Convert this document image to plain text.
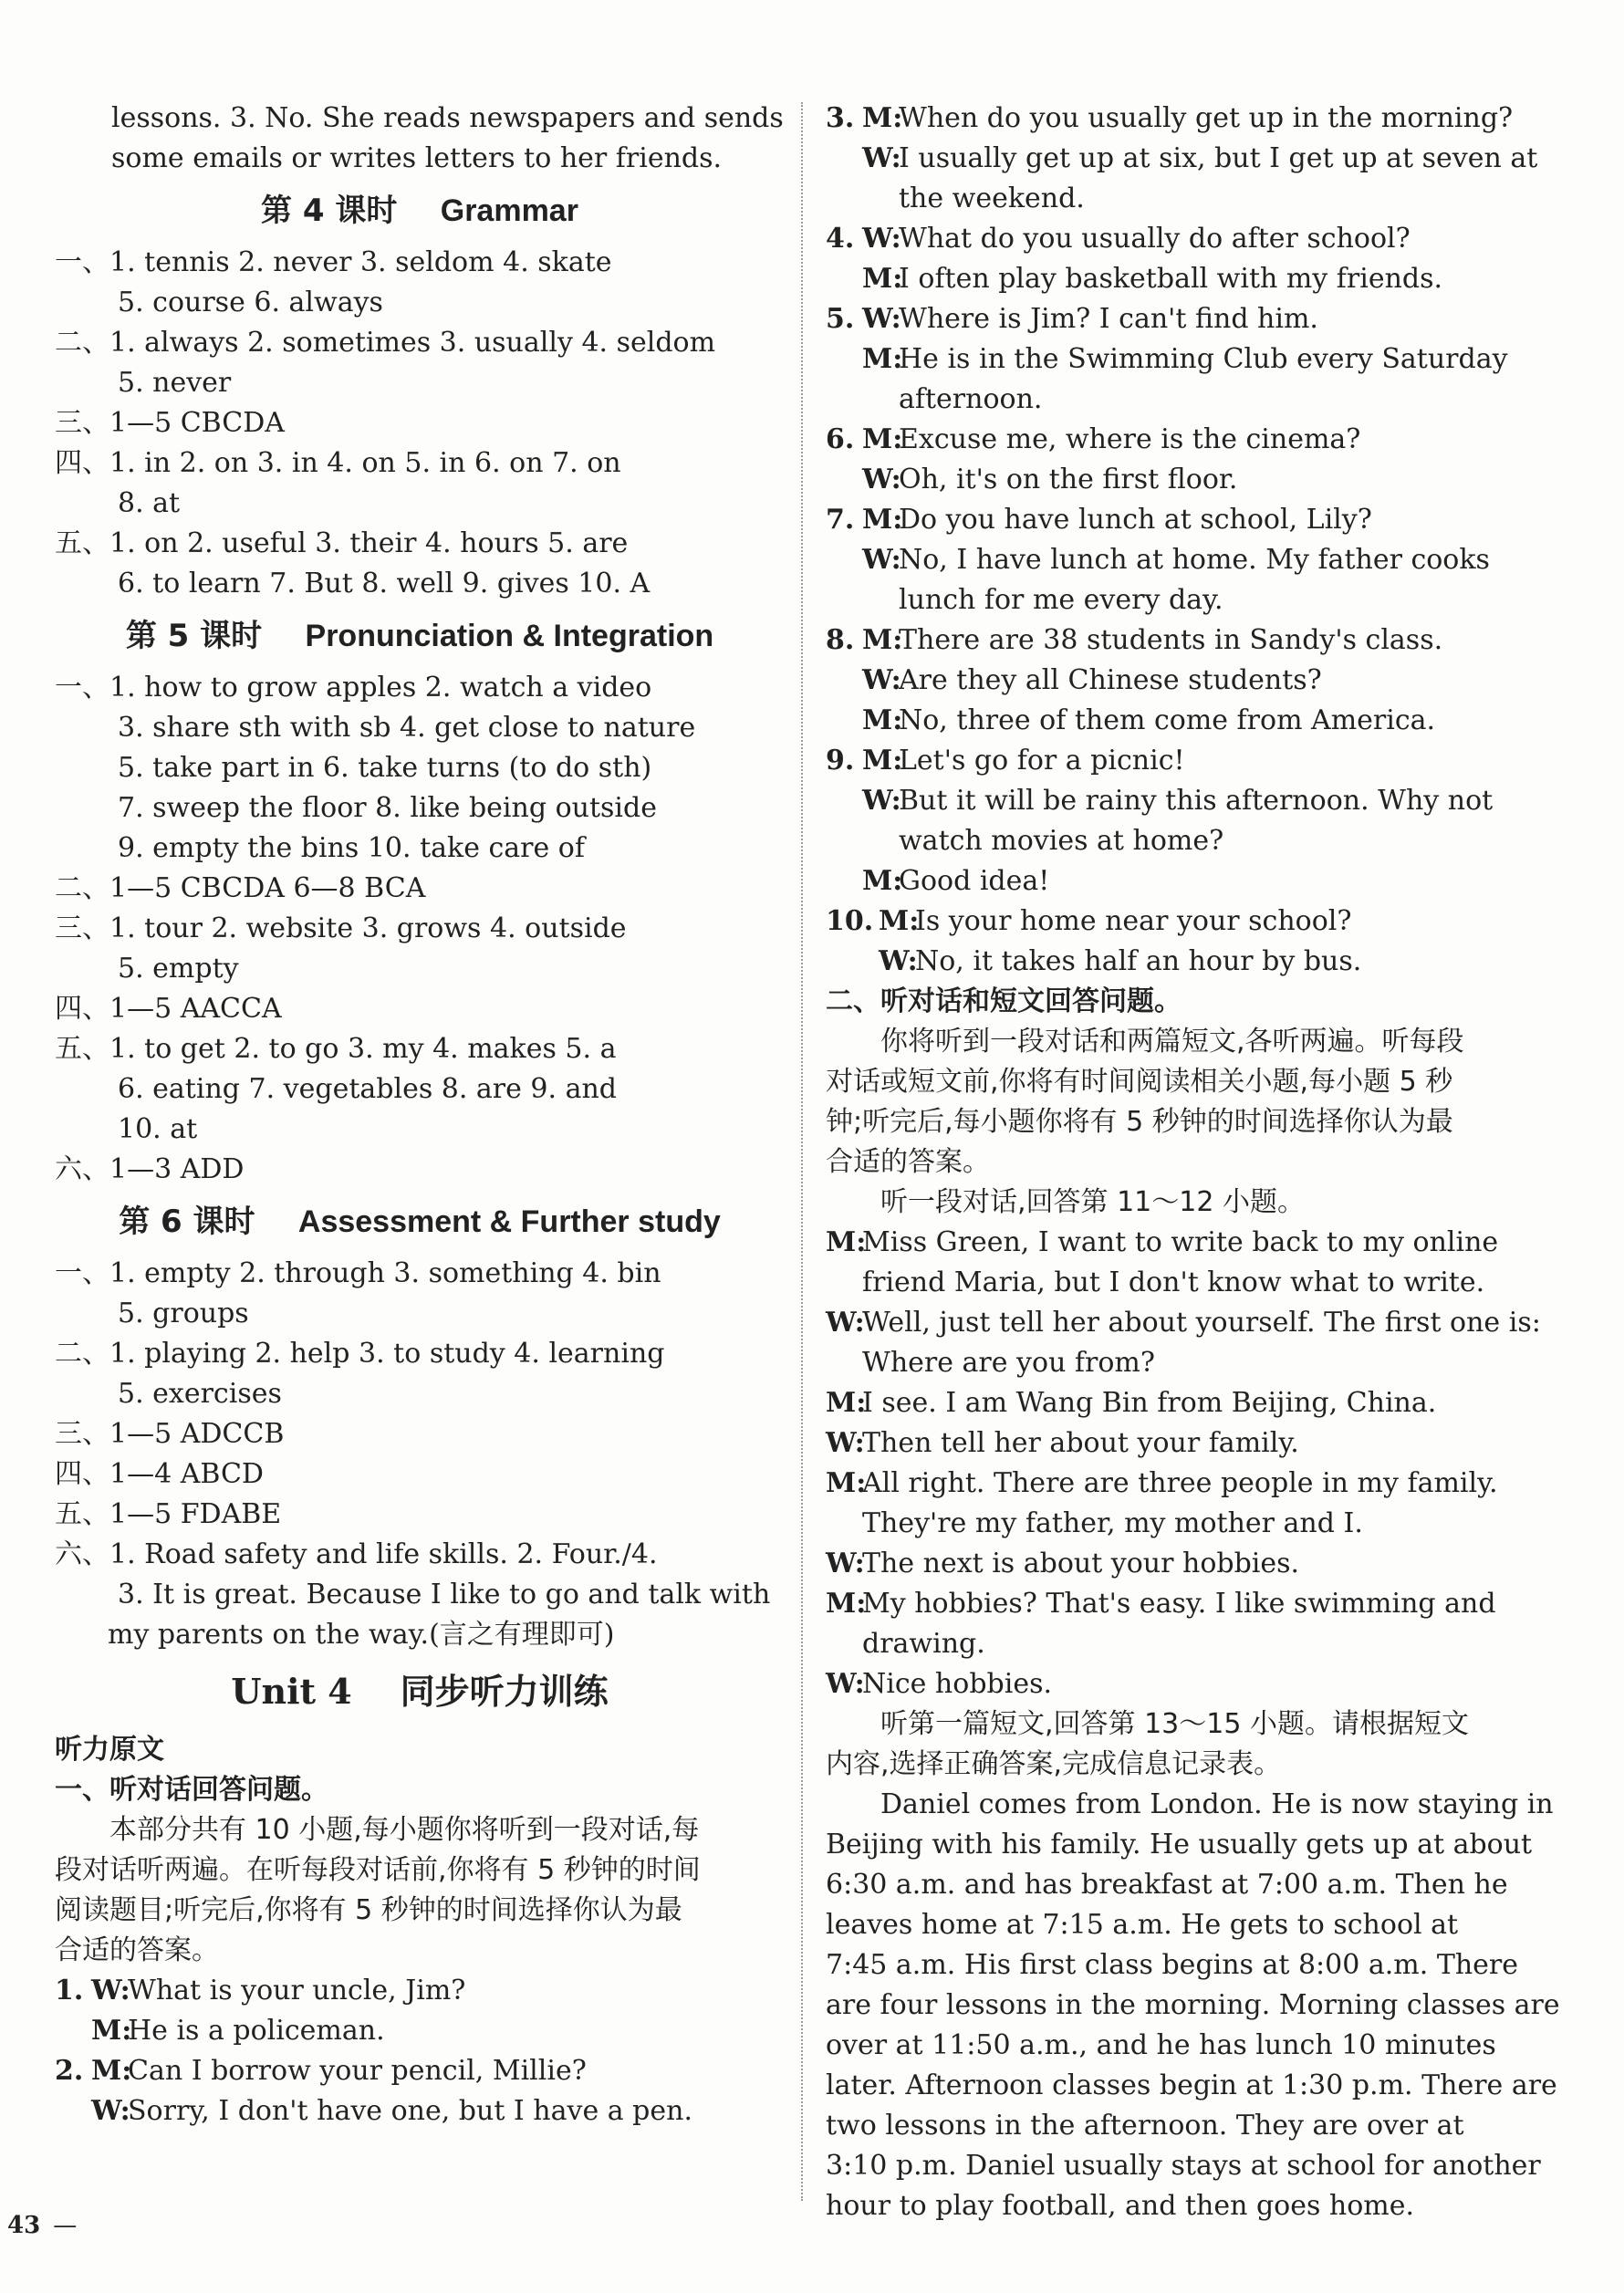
lessons. 3. No. She reads newspapers and sends
some emails or writes letters to her friends.
第 4 课时 Grammar
一、1. tennis 2. never 3. seldom 4. skate
5. course 6. always
二、1. always 2. sometimes 3. usually 4. seldom
5. never
三、1—5 CBCDA
四、1. in 2. on 3. in 4. on 5. in 6. on 7. on
8. at
五、1. on 2. useful 3. their 4. hours 5. are
6. to learn 7. But 8. well 9. gives 10. A
第 5 课时 Pronunciation & Integration
一、1. how to grow apples 2. watch a video
3. share sth with sb 4. get close to nature
5. take part in 6. take turns (to do sth)
7. sweep the floor 8. like being outside
9. empty the bins 10. take care of
二、1—5 CBCDA 6—8 BCA
三、1. tour 2. website 3. grows 4. outside
5. empty
四、1—5 AACCA
五、1. to get 2. to go 3. my 4. makes 5. a
6. eating 7. vegetables 8. are 9. and
10. at
六、1—3 ADD
第 6 课时 Assessment & Further study
一、1. empty 2. through 3. something 4. bin
5. groups
二、1. playing 2. help 3. to study 4. learning
5. exercises
三、1—5 ADCCB
四、1—4 ABCD
五、1—5 FDABE
六、1. Road safety and life skills. 2. Four./4.
3. It is great. Because I like to go and talk with
my parents on the way.(言之有理即可)
Unit 4 同步听力训练
听力原文
一、听对话回答问题。
本部分共有 10 小题,每小题你将听到一段对话,每
段对话听两遍。在听每段对话前,你将有 5 秒钟的时间
阅读题目;听完后,你将有 5 秒钟的时间选择你认为最
合适的答案。
1. W:
What is your uncle, Jim?
M:
He is a policeman.
2. M:
Can I borrow your pencil, Millie?
W:
Sorry, I don't have one, but I have a pen.
3. M:
When do you usually get up in the morning?
W:
I usually get up at six, but I get up at seven at the weekend.
4. W:
What do you usually do after school?
M:
I often play basketball with my friends.
5. W:
Where is Jim? I can't find him.
M:
He is in the Swimming Club every Saturday afternoon.
6. M:
Excuse me, where is the cinema?
W:
Oh, it's on the first floor.
7. M:
Do you have lunch at school, Lily?
W:
No, I have lunch at home. My father cooks lunch for me every day.
8. M:
There are 38 students in Sandy's class.
W:
Are they all Chinese students?
M:
No, three of them come from America.
9. M:
Let's go for a picnic!
W:
But it will be rainy this afternoon. Why not watch movies at home?
M:
Good idea!
10. M:
Is your home near your school?
W:
No, it takes half an hour by bus.
二、听对话和短文回答问题。
你将听到一段对话和两篇短文,各听两遍。听每段
对话或短文前,你将有时间阅读相关小题,每小题 5 秒
钟;听完后,每小题你将有 5 秒钟的时间选择你认为最
合适的答案。
听一段对话,回答第 11～12 小题。
M:
Miss Green, I want to write back to my online friend Maria, but I don't know what to write.
W:
Well, just tell her about yourself. The first one is: Where are you from?
M:
I see. I am Wang Bin from Beijing, China.
W:
Then tell her about your family.
M:
All right. There are three people in my family. They're my father, my mother and I.
W:
The next is about your hobbies.
M:
My hobbies? That's easy. I like swimming and drawing.
W:
Nice hobbies.
听第一篇短文,回答第 13～15 小题。请根据短文
内容,选择正确答案,完成信息记录表。
Daniel comes from London. He is now staying in
Beijing with his family. He usually gets up at about
6:30 a.m. and has breakfast at 7:00 a.m. Then he
leaves home at 7:15 a.m. He gets to school at
7:45 a.m. His first class begins at 8:00 a.m. There
are four lessons in the morning. Morning classes are
over at 11:50 a.m., and he has lunch 10 minutes
later. Afternoon classes begin at 1:30 p.m. There are
two lessons in the afternoon. They are over at
3:10 p.m. Daniel usually stays at school for another
hour to play football, and then goes home.
43 —
